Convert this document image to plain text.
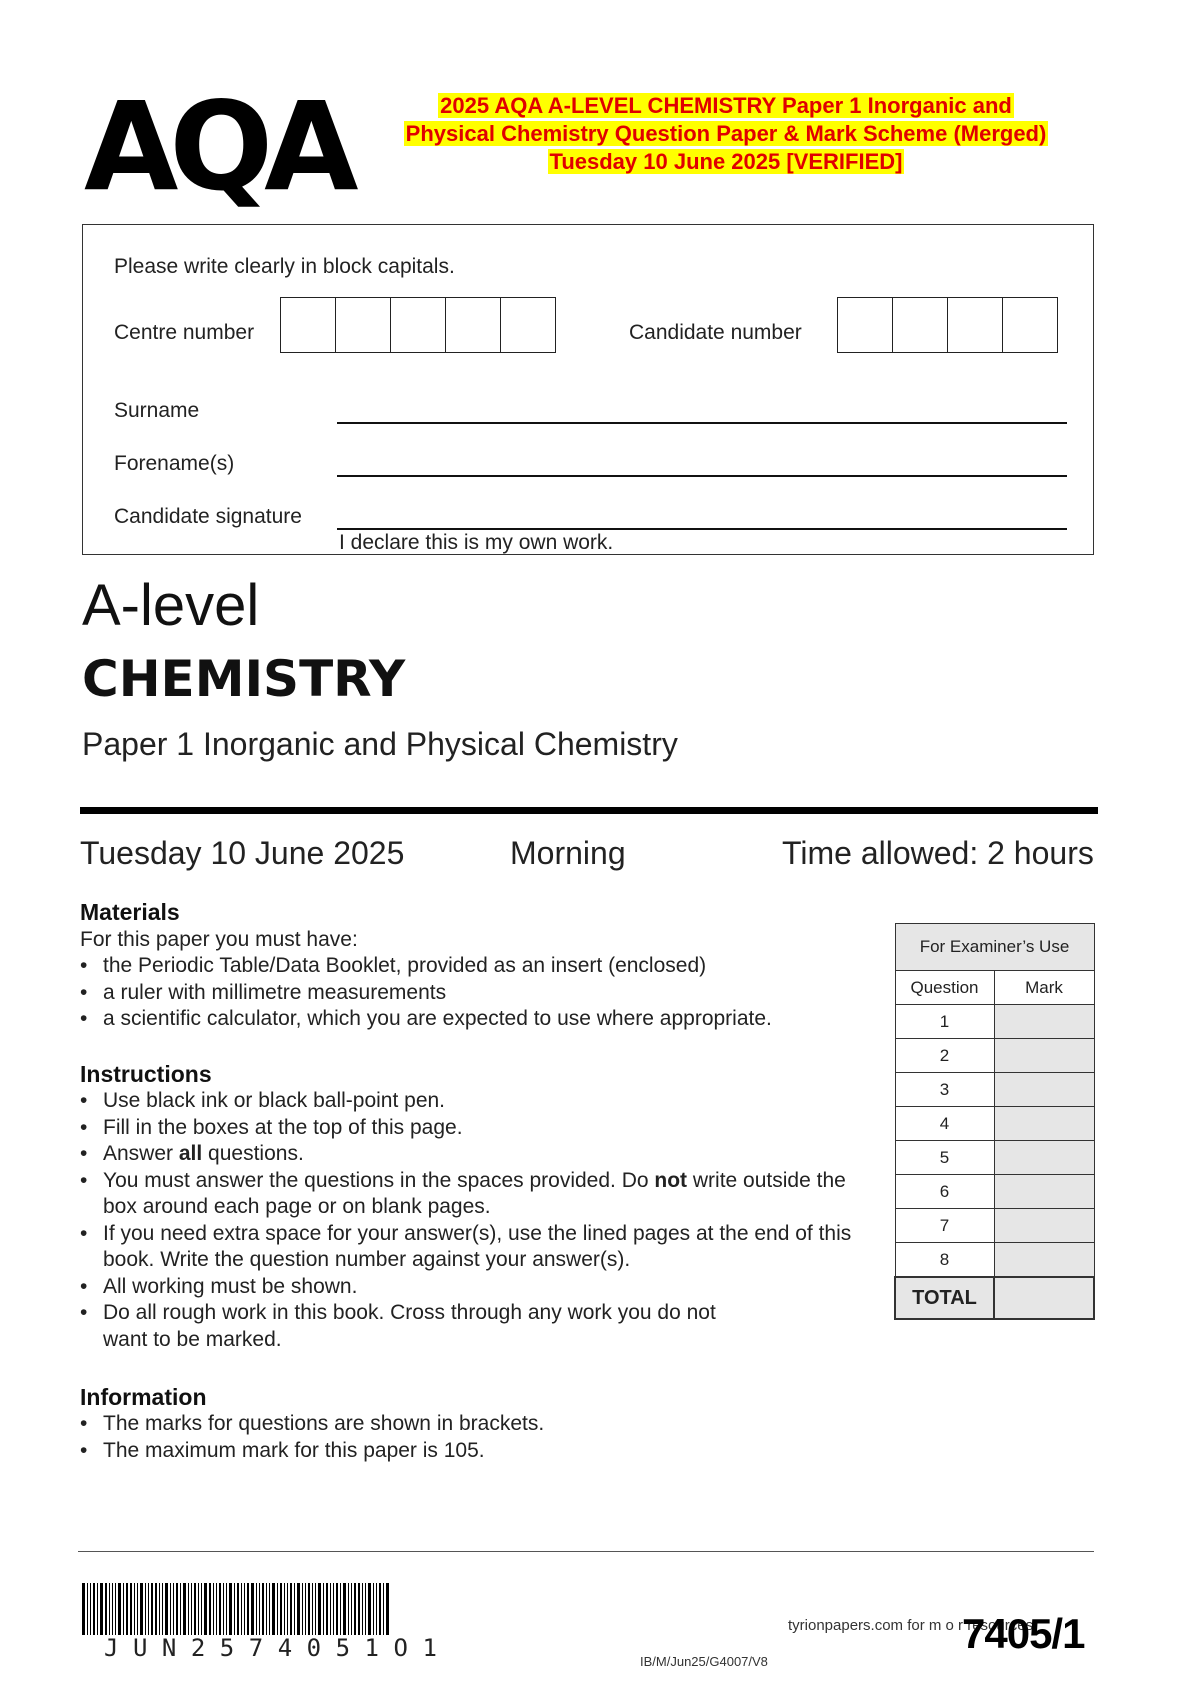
AQA	2025 AQA A-LEVEL CHEMISTRY Paper 1 Inorganic and
Physical Chemistry Question Paper & Mark Scheme (Merged)
Tuesday 10 June 2025 [VERIFIED]
Please write clearly in block capitals.
Centre number	Candidate number
Surname
Forename(s)
Candidate signature
I declare this is my own work.
A-level
CHEMISTRY
Paper 1 Inorganic and Physical Chemistry
Tuesday 10 June 2025	Morning	Time allowed: 2 hours
Materials
For this paper you must have:
• the Periodic Table/Data Booklet, provided as an insert (enclosed)
• a ruler with millimetre measurements
• a scientific calculator, which you are expected to use where appropriate.
Instructions
• Use black ink or black ball-point pen.
• Fill in the boxes at the top of this page.
• Answer all questions.
• You must answer the questions in the spaces provided. Do not write outside the box around each page or on blank pages.
• If you need extra space for your answer(s), use the lined pages at the end of this book. Write the question number against your answer(s).
• All working must be shown.
• Do all rough work in this book. Cross through any work you do not want to be marked.
Information
• The marks for questions are shown in brackets.
• The maximum mark for this paper is 105.
For Examiner’s Use	
Question	Mark
1	
2	
3	
4	
5	
6	
7	
8	
TOTAL	
JUN2574051O1
tyrionpapers.com for m o r resources
IB/M/Jun25/G4007/V8
7405/1
